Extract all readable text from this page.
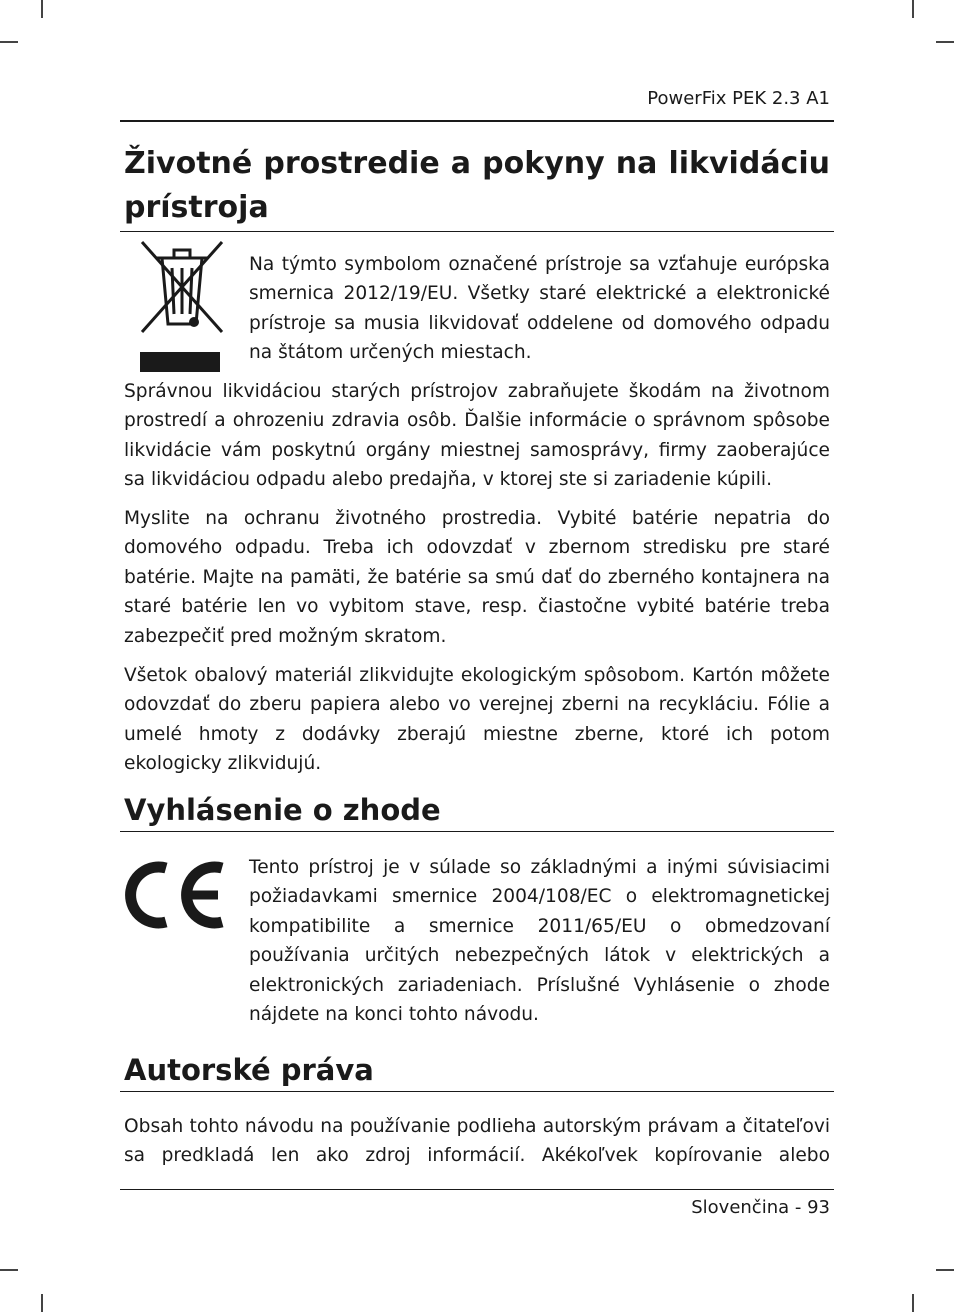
PowerFix PEK 2.3 A1
Životné prostredie a pokyny na likvidáciu prístroja

Na týmto symbolom označené prístroje sa vzťahuje európska smernica 2012/19/EU. Všetky staré elektrické a elektronické prístroje sa musia likvidovať oddelene od domového odpadu na štátom určených miestach.

Správnou likvidáciou starých prístrojov zabraňujete škodám na životnom prostredí a ohrozeniu zdravia osôb. Ďalšie informácie o správnom spôsobe likvidácie vám poskytnú orgány miestnej samosprávy, firmy zaoberajúce sa likvidáciou odpadu alebo predajňa, v ktorej ste si zariadenie kúpili.

Myslite na ochranu životného prostredia. Vybité batérie nepatria do domového odpadu. Treba ich odovzdať v zbernom stredisku pre staré batérie. Majte na pamäti, že batérie sa smú dať do zberného kontajnera na staré batérie len vo vybitom stave, resp. čiastočne vybité batérie treba zabezpečiť pred možným skratom.

Všetok obalový materiál zlikvidujte ekologickým spôsobom. Kartón môžete odovzdať do zberu papiera alebo vo verejnej zberni na recykláciu. Fólie a umelé hmoty z dodávky zberajú miestne zberne, ktoré ich potom ekologicky zlikvidujú.

Vyhlásenie o zhode

Tento prístroj je v súlade so základnými a inými súvisiacimi požiadavkami smernice 2004/108/EC o elektromagnetickej kompatibilite a smernice 2011/65/EU o obmedzovaní používania určitých nebezpečných látok v elektrických a elektronických zariadeniach. Príslušné Vyhlásenie o zhode nájdete na konci tohto návodu.

Autorské práva

Obsah tohto návodu na používanie podlieha autorským právam a čitateľovi sa predkladá len ako zdroj informácií. Akékoľvek kopírovanie alebo

Slovenčina - 93
